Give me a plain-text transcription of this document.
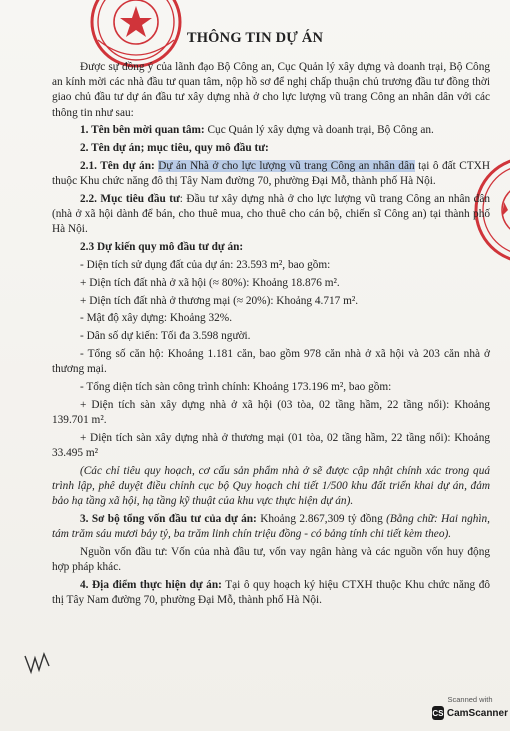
THÔNG TIN DỰ ÁN

Được sự đồng ý của lãnh đạo Bộ Công an, Cục Quản lý xây dựng và doanh trại, Bộ Công an kính mời các nhà đầu tư quan tâm, nộp hồ sơ để nghị chấp thuận chủ trương đầu tư đồng thời giao chủ đầu tư dự án đầu tư xây dựng nhà ở cho lực lượng vũ trang Công an nhân dân với các thông tin như sau:

1. Tên bên mời quan tâm: Cục Quản lý xây dựng và doanh trại, Bộ Công an.

2. Tên dự án; mục tiêu, quy mô đầu tư:

2.1. Tên dự án: Dự án Nhà ở cho lực lượng vũ trang Công an nhân dân tại ô đất CTXH thuộc Khu chức năng đô thị Tây Nam đường 70, phường Đại Mỗ, thành phố Hà Nội.

2.2. Mục tiêu đầu tư: Đầu tư xây dựng nhà ở cho lực lượng vũ trang Công an nhân dân (nhà ở xã hội dành để bán, cho thuê mua, cho thuê cho cán bộ, chiến sĩ Công an) tại thành phố Hà Nội.

2.3 Dự kiến quy mô đầu tư dự án:

- Diện tích sử dụng đất của dự án: 23.593 m², bao gồm:

+ Diện tích đất nhà ở xã hội (≈ 80%): Khoảng 18.876 m².

+ Diện tích đất nhà ở thương mại (≈ 20%): Khoảng 4.717 m².

- Mật độ xây dựng: Khoảng 32%.

- Dân số dự kiến: Tối đa 3.598 người.

- Tổng số căn hộ: Khoảng 1.181 căn, bao gồm 978 căn nhà ở xã hội và 203 căn nhà ở thương mại.

- Tổng diện tích sàn công trình chính: Khoảng 173.196 m², bao gồm:

+ Diện tích sàn xây dựng nhà ở xã hội (03 tòa, 02 tầng hầm, 22 tầng nổi): Khoảng 139.701 m².

+ Diện tích sàn xây dựng nhà ở thương mại (01 tòa, 02 tầng hầm, 22 tầng nổi): Khoảng 33.495 m²

(Các chỉ tiêu quy hoạch, cơ cấu sản phẩm nhà ở sẽ được cập nhật chính xác trong quá trình lập, phê duyệt điều chỉnh cục bộ Quy hoạch chi tiết 1/500 khu đất triển khai dự án, đảm bảo hạ tầng xã hội, hạ tầng kỹ thuật của khu vực thực hiện dự án).

3. Sơ bộ tổng vốn đầu tư của dự án: Khoảng 2.867,309 tỷ đồng (Bằng chữ: Hai nghìn, tám trăm sáu mươi bảy tỷ, ba trăm linh chín triệu đồng - có bảng tính chi tiết kèm theo).

Nguồn vốn đầu tư: Vốn của nhà đầu tư, vốn vay ngân hàng và các nguồn vốn huy động hợp pháp khác.

4. Địa điểm thực hiện dự án: Tại ô quy hoạch ký hiệu CTXH thuộc Khu chức năng đô thị Tây Nam đường 70, phường Đại Mỗ, thành phố Hà Nội.

Scanned with
CS CamScanner
